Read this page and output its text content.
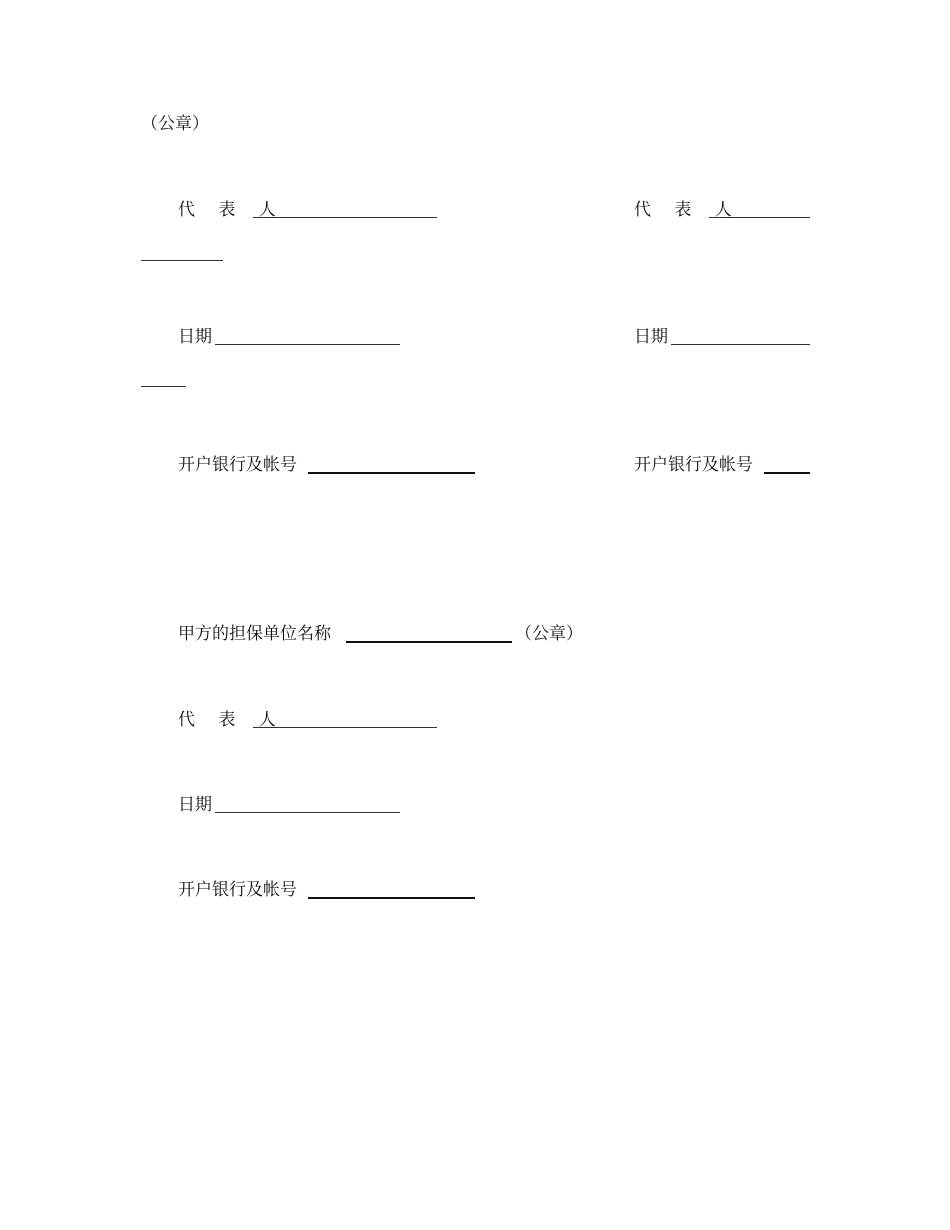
（公章）
代 表 人	代 表 人
日期	日期
开户银行及帐号	开户银行及帐号
甲方的担保单位名称	（公章）
代 表 人
日期
开户银行及帐号
